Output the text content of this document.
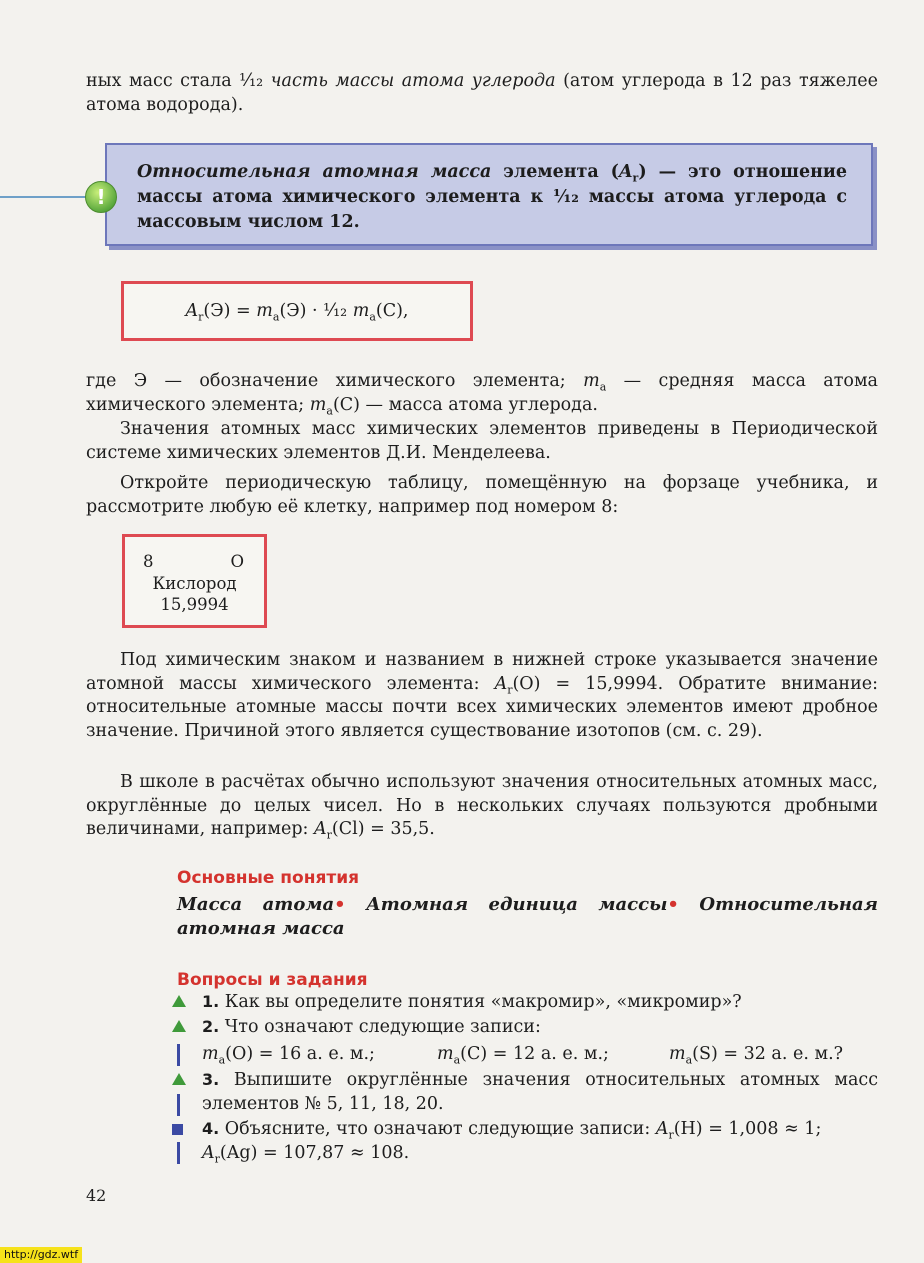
ных масс стала ¹⁄₁₂ часть массы атома углерода (атом углерода в 12 раз тяжелее атома водорода).
Относительная атомная масса элемента $(A_r)$ — это отношение массы атома химического элемента к ¹⁄₁₂ массы атома углерода с массовым числом 12.
!
$A_r(Э) = m_a(Э)$ · ¹⁄₁₂ $m_a(C)$,
где Э — обозначение химического элемента; $m_a$ — средняя масса атома химического элемента; $m_a(C)$ — масса атома углерода.
Значения атомных масс химических элементов приведены в Периодической системе химических элементов Д.И. Менделеева.
Откройте периодическую таблицу, помещённую на форзаце учебника, и рассмотрите любую её клетку, например под номером 8:
8	O
Кислород
15,9994
Под химическим знаком и названием в нижней строке указывается значение атомной массы химического элемента: $A_r(O) = 15,9994$. Обратите внимание: относительные атомные массы почти всех химических элементов имеют дробное значение. Причиной этого является существование изотопов (см. с. 29).
В школе в расчётах обычно используют значения относительных атомных масс, округлённые до целых чисел. Но в нескольких случаях пользуются дробными величинами, например: $A_r(Cl) = 35,5$.
Основные понятия
Масса атома• Атомная единица массы• Относительная атомная масса
Вопросы и задания
1. Как вы определите понятия «макромир», «микромир»?
2. Что означают следующие записи:
$m_a(O) = 16$ а. е. м.;	$m_a(C) = 12$ а. е. м.;	$m_a(S) = 32$ а. е. м.?
3. Выпишите округлённые значения относительных атомных масс элементов № 5, 11, 18, 20.
4. Объясните, что означают следующие записи: $A_r(H) = 1,008 \approx 1$;
$A_r(Ag) = 107,87 \approx 108$.
42
http://gdz.wtf
